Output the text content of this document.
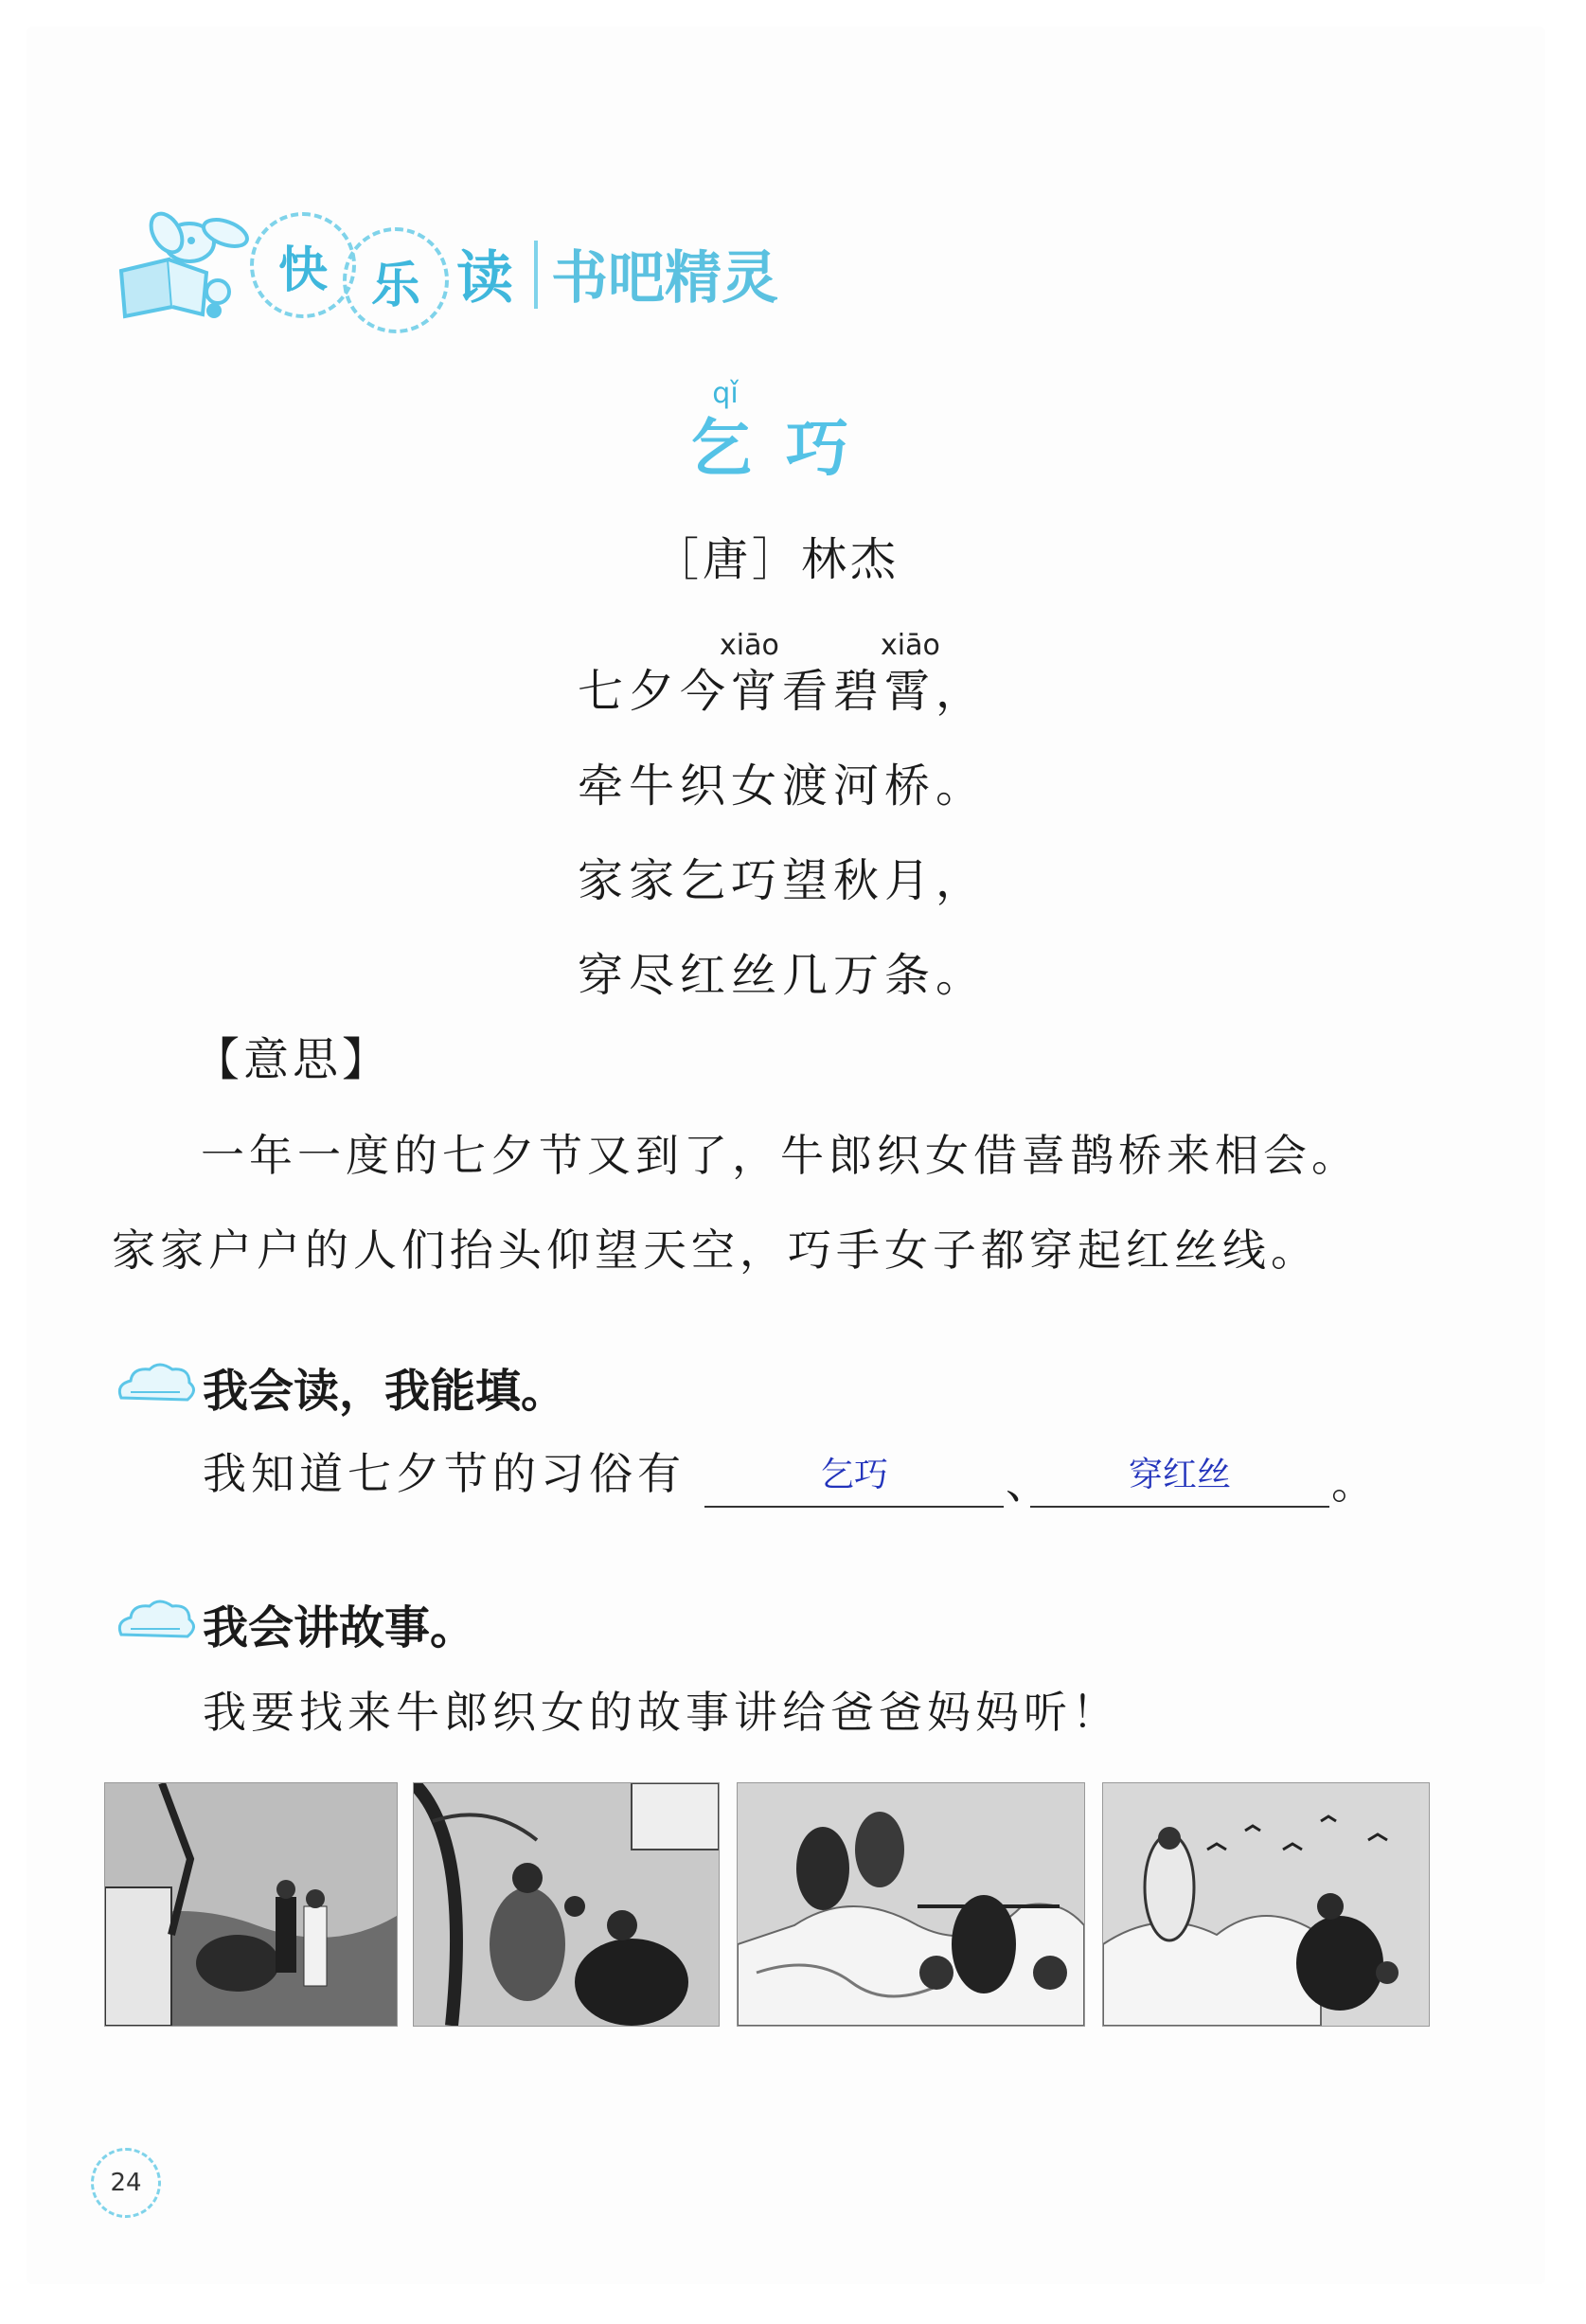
快 乐 读 书吧精灵
qǐ
乞巧
［唐］林杰
xiāo	xiāo
七夕今宵看碧霄，
牵牛织女渡河桥。
家家乞巧望秋月，
穿尽红丝几万条。
【意思】

一年一度的七夕节又到了，牛郎织女借喜鹊桥来相会。

家家户户的人们抬头仰望天空，巧手女子都穿起红丝线。

我会读，我能填。
我知道七夕节的习俗有	乞巧	、	穿红丝	。
我会讲故事。
我要找来牛郎织女的故事讲给爸爸妈妈听！
24
